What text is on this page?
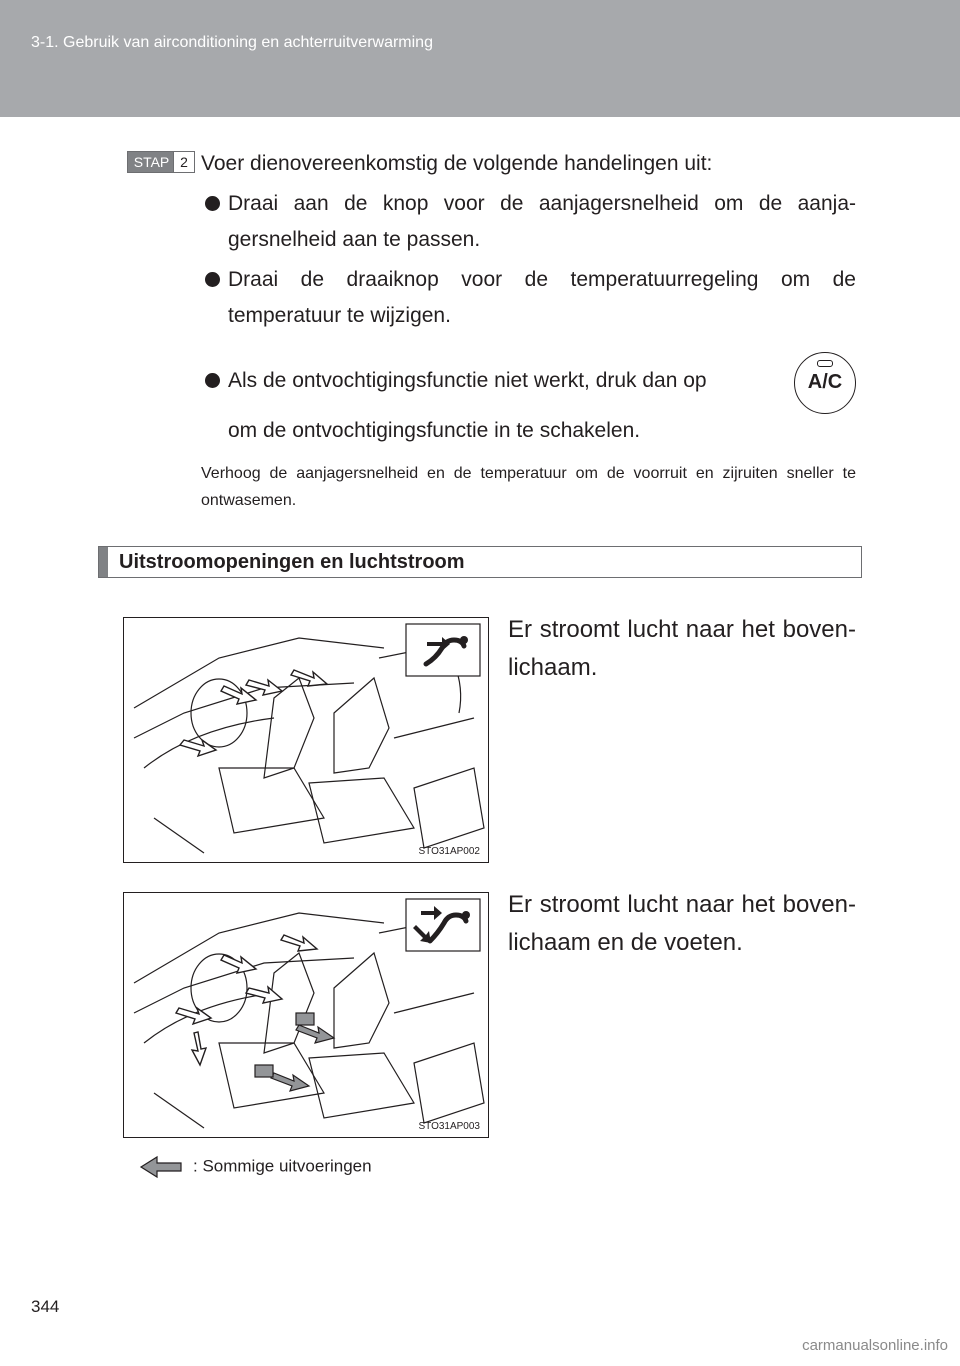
3-1. Gebruik van airconditioning en achterruitverwarming
STAP 2 Voer dienovereenkomstig de volgende handelingen uit:
Draai aan de knop voor de aanjagersnelheid om de aanja-gersnelheid aan te passen.
Draai de draaiknop voor de temperatuurregeling om de temperatuur te wijzigen.
Als de ontvochtigingsfunctie niet werkt, druk dan op
om de ontvochtigingsfunctie in te schakelen.
A/C
Verhoog de aanjagersnelheid en de temperatuur om de voorruit en zijruiten sneller te ontwasemen.
Uitstroomopeningen en luchtstroom
STO31AP002
Er stroomt lucht naar het boven-lichaam.
STO31AP003
Er stroomt lucht naar het boven-lichaam en de voeten.
: Sommige uitvoeringen
344
carmanualsonline.info
